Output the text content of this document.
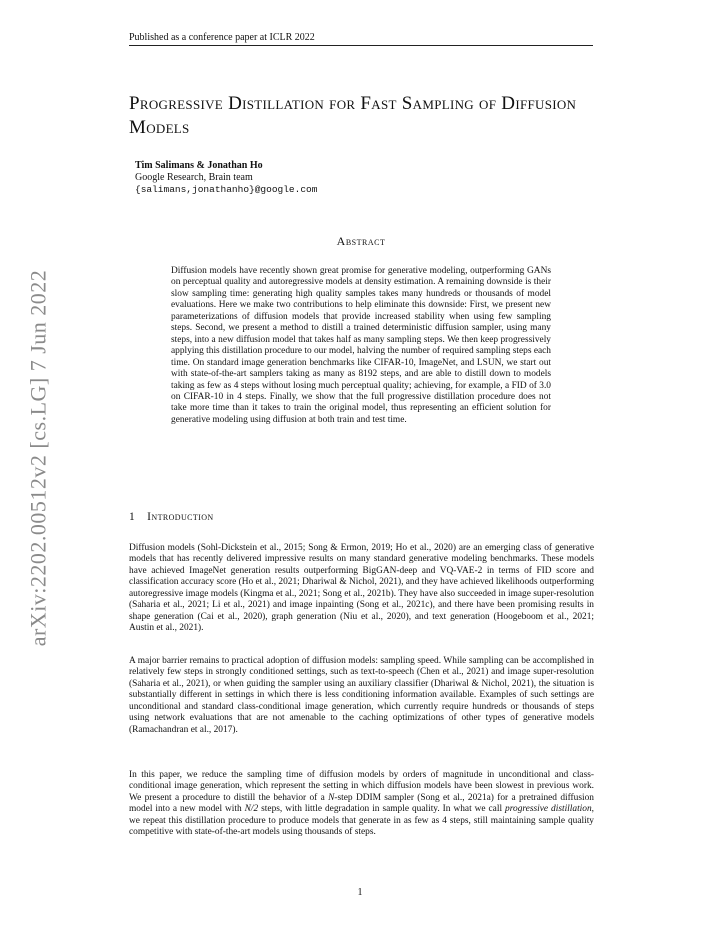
arXiv:2202.00512v2 [cs.LG] 7 Jun 2022
Published as a conference paper at ICLR 2022
Progressive Distillation for Fast Sampling of Diffusion Models
Tim Salimans & Jonathan Ho
Google Research, Brain team
{salimans,jonathanho}@google.com
Abstract
Diffusion models have recently shown great promise for generative modeling, outperforming GANs on perceptual quality and autoregressive models at density estimation. A remaining downside is their slow sampling time: generating high quality samples takes many hundreds or thousands of model evaluations. Here we make two contributions to help eliminate this downside: First, we present new parameterizations of diffusion models that provide increased stability when using few sampling steps. Second, we present a method to distill a trained deterministic diffusion sampler, using many steps, into a new diffusion model that takes half as many sampling steps. We then keep progressively applying this distillation procedure to our model, halving the number of required sampling steps each time. On standard image generation benchmarks like CIFAR-10, ImageNet, and LSUN, we start out with state-of-the-art samplers taking as many as 8192 steps, and are able to distill down to models taking as few as 4 steps without losing much perceptual quality; achieving, for example, a FID of 3.0 on CIFAR-10 in 4 steps. Finally, we show that the full progressive distillation procedure does not take more time than it takes to train the original model, thus representing an efficient solution for generative modeling using diffusion at both train and test time.
1 Introduction
Diffusion models (Sohl-Dickstein et al., 2015; Song & Ermon, 2019; Ho et al., 2020) are an emerging class of generative models that has recently delivered impressive results on many standard generative modeling benchmarks. These models have achieved ImageNet generation results outperforming BigGAN-deep and VQ-VAE-2 in terms of FID score and classification accuracy score (Ho et al., 2021; Dhariwal & Nichol, 2021), and they have achieved likelihoods outperforming autoregressive image models (Kingma et al., 2021; Song et al., 2021b). They have also succeeded in image super-resolution (Saharia et al., 2021; Li et al., 2021) and image inpainting (Song et al., 2021c), and there have been promising results in shape generation (Cai et al., 2020), graph generation (Niu et al., 2020), and text generation (Hoogeboom et al., 2021; Austin et al., 2021).
A major barrier remains to practical adoption of diffusion models: sampling speed. While sampling can be accomplished in relatively few steps in strongly conditioned settings, such as text-to-speech (Chen et al., 2021) and image super-resolution (Saharia et al., 2021), or when guiding the sampler using an auxiliary classifier (Dhariwal & Nichol, 2021), the situation is substantially different in settings in which there is less conditioning information available. Examples of such settings are unconditional and standard class-conditional image generation, which currently require hundreds or thousands of steps using network evaluations that are not amenable to the caching optimizations of other types of generative models (Ramachandran et al., 2017).
In this paper, we reduce the sampling time of diffusion models by orders of magnitude in unconditional and class-conditional image generation, which represent the setting in which diffusion models have been slowest in previous work. We present a procedure to distill the behavior of a N-step DDIM sampler (Song et al., 2021a) for a pretrained diffusion model into a new model with N/2 steps, with little degradation in sample quality. In what we call progressive distillation, we repeat this distillation procedure to produce models that generate in as few as 4 steps, still maintaining sample quality competitive with state-of-the-art models using thousands of steps.
1
